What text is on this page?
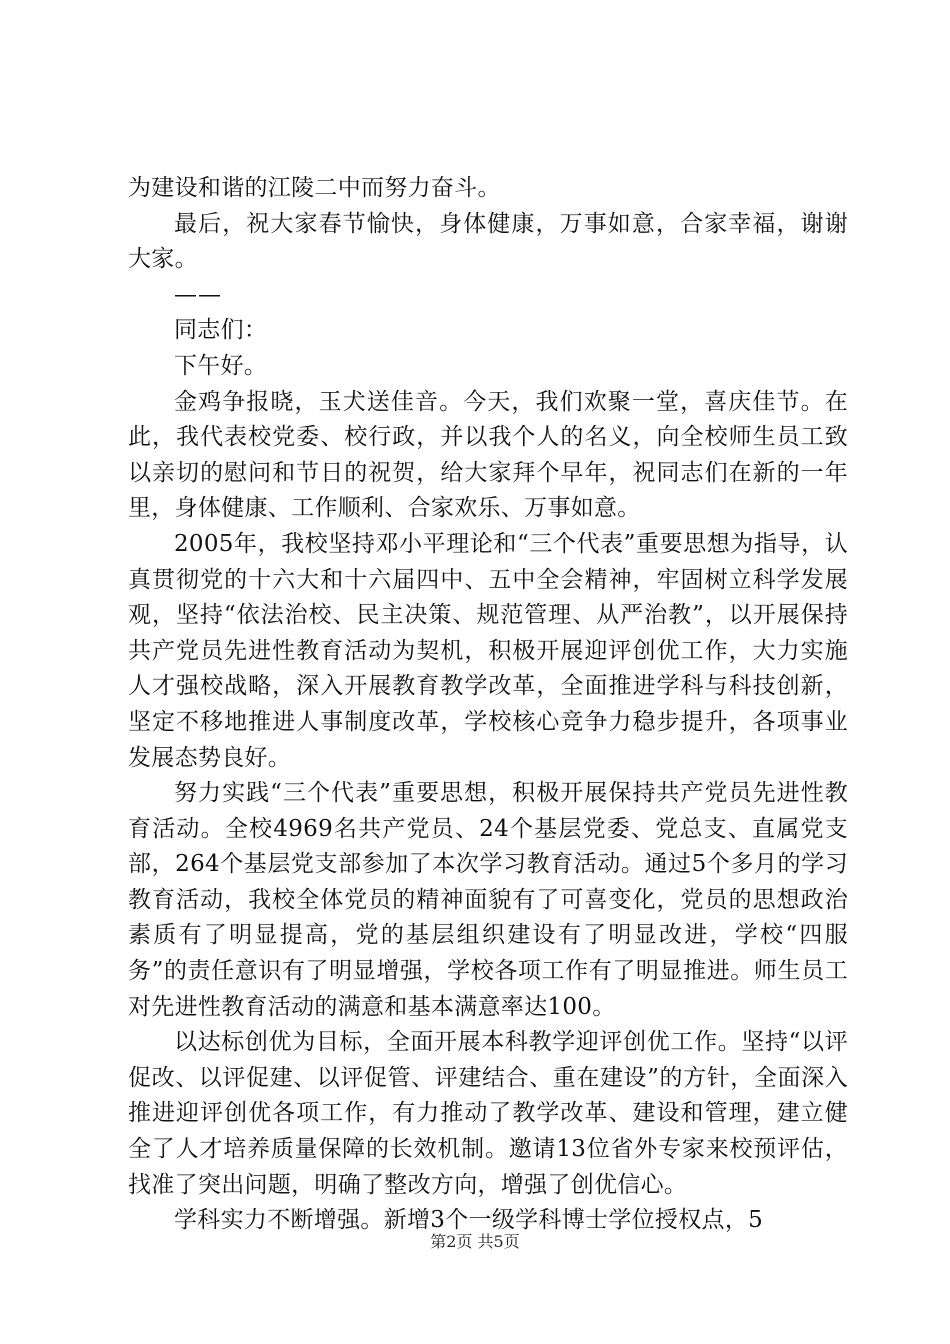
为建设和谐的江陵二中而努力奋斗。

最后，祝大家春节愉快，身体健康，万事如意，合家幸福，谢谢大家。

——

同志们：

下午好。

金鸡争报晓，玉犬送佳音。今天，我们欢聚一堂，喜庆佳节。在此，我代表校党委、校行政，并以我个人的名义，向全校师生员工致以亲切的慰问和节日的祝贺，给大家拜个早年，祝同志们在新的一年里，身体健康、工作顺利、合家欢乐、万事如意。

2005年，我校坚持邓小平理论和“三个代表”重要思想为指导，认真贯彻党的十六大和十六届四中、五中全会精神，牢固树立科学发展观，坚持“依法治校、民主决策、规范管理、从严治教”，以开展保持共产党员先进性教育活动为契机，积极开展迎评创优工作，大力实施人才强校战略，深入开展教育教学改革，全面推进学科与科技创新，坚定不移地推进人事制度改革，学校核心竞争力稳步提升，各项事业发展态势良好。

努力实践“三个代表”重要思想，积极开展保持共产党员先进性教育活动。全校4969名共产党员、24个基层党委、党总支、直属党支部，264个基层党支部参加了本次学习教育活动。通过5个多月的学习教育活动，我校全体党员的精神面貌有了可喜变化，党员的思想政治素质有了明显提高，党的基层组织建设有了明显改进，学校“四服务”的责任意识有了明显增强，学校各项工作有了明显推进。师生员工对先进性教育活动的满意和基本满意率达100。

以达标创优为目标，全面开展本科教学迎评创优工作。坚持“以评促改、以评促建、以评促管、评建结合、重在建设”的方针，全面深入推进迎评创优各项工作，有力推动了教学改革、建设和管理，建立健全了人才培养质量保障的长效机制。邀请13位省外专家来校预评估，找准了突出问题，明确了整改方向，增强了创优信心。

学科实力不断增强。新增3个一级学科博士学位授权点，5

第2页 共5页
